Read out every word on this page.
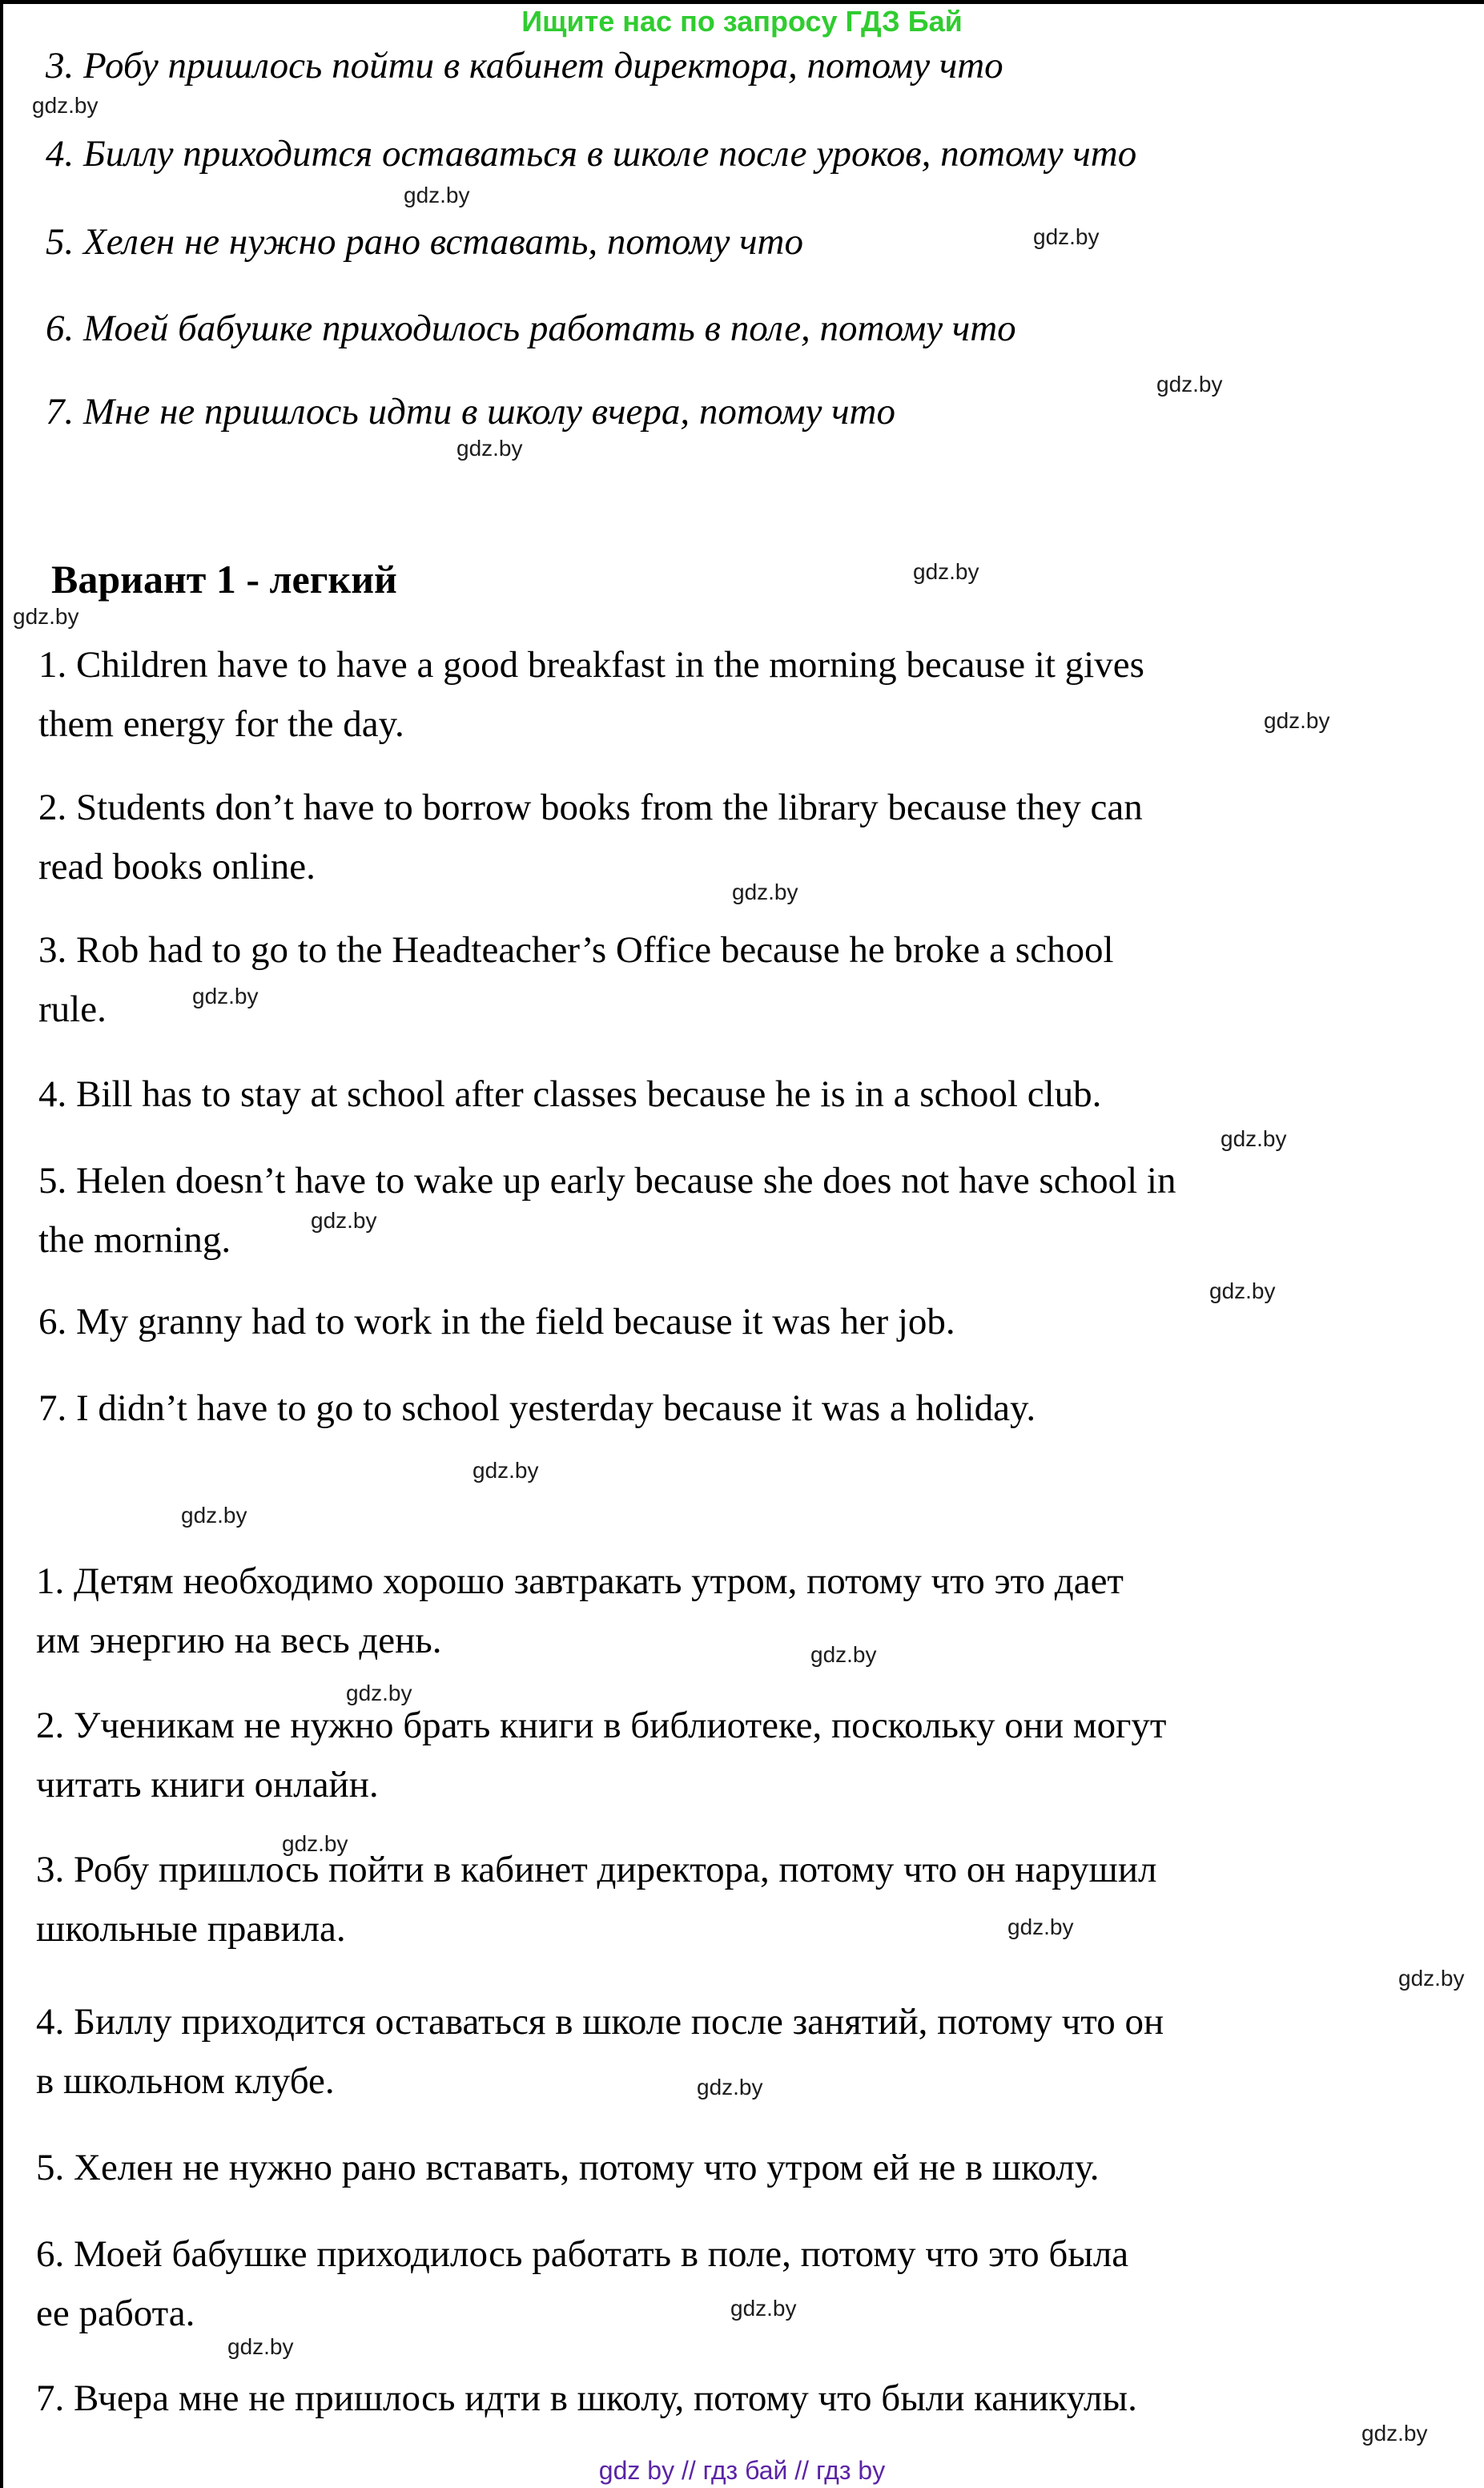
Ищите нас по запросу ГДЗ Бай
Вариант 1 - легкий
3. Робу пришлось пойти в кабинет директора, потому что
4. Биллу приходится оставаться в школе после уроков, потому что
5. Хелен не нужно рано вставать, потому что
6. Моей бабушке приходилось работать в поле, потому что
7. Мне не пришлось идти в школу вчера, потому что
1. Children have to have a good breakfast in the morning because it gives
them energy for the day.
2. Students don’t have to borrow books from the library because they can
read books online.
3. Rob had to go to the Headteacher’s Office because he broke a school
rule.
4. Bill has to stay at school after classes because he is in a school club.
5. Helen doesn’t have to wake up early because she does not have school in
the morning.
6. My granny had to work in the field because it was her job.
7. I didn’t have to go to school yesterday because it was a holiday.
1. Детям необходимо хорошо завтракать утром, потому что это дает
им энергию на весь день.
2. Ученикам не нужно брать книги в библиотеке, поскольку они могут
читать книги онлайн.
3. Робу пришлось пойти в кабинет директора, потому что он нарушил
школьные правила.
4. Биллу приходится оставаться в школе после занятий, потому что он
в школьном клубе.
5. Хелен не нужно рано вставать, потому что утром ей не в школу.
6. Моей бабушке приходилось работать в поле, потому что это была
ее работа.
7. Вчера мне не пришлось идти в школу, потому что были каникулы.
gdz.by
gdz.by
gdz.by
gdz.by
gdz.by
gdz.by
gdz.by
gdz.by
gdz.by
gdz.by
gdz.by
gdz.by
gdz.by
gdz.by
gdz.by
gdz.by
gdz.by
gdz.by
gdz.by
gdz.by
gdz.by
gdz.by
gdz.by
gdz.by
gdz by // гдз бай // гдз by
